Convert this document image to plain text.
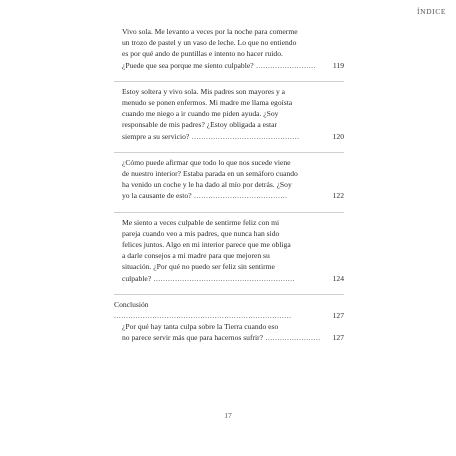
ÍNDICE
Vivo sola. Me levanto a veces por la noche para comerme
un trozo de pastel y un vaso de leche. Lo que no entiendo
es por qué ando de puntillas e intento no hacer ruido.
¿Puede que sea porque me siento culpable? ......................... 119
Estoy soltera y vivo sola. Mis padres son mayores y a
menudo se ponen enfermos. Mi madre me llama egoísta
cuando me niego a ir cuando me piden ayuda. ¿Soy
responsable de mis padres? ¿Estoy obligada a estar
siempre a su servicio? .............................................	120
¿Cómo puede afirmar que todo lo que nos sucede viene
de nuestro interior? Estaba parada en un semáforo cuando
ha venido un coche y le ha dado al mío por detrás. ¿Soy
yo la causante de esto? .......................................	122
Me siento a veces culpable de sentirme feliz con mi
pareja cuando veo a mis padres, que nunca han sido
felices juntos. Algo en mi interior parece que me obliga
a darle consejos a mi madre para que mejoren su
situación. ¿Por qué no puedo ser feliz sin sentirme
culpable? ...........................................................	124
Conclusión ..........................................................................	127
¿Por qué hay tanta culpa sobre la Tierra cuando eso
no parece servir más que para hacernos sufrir? ....................... 127
17
